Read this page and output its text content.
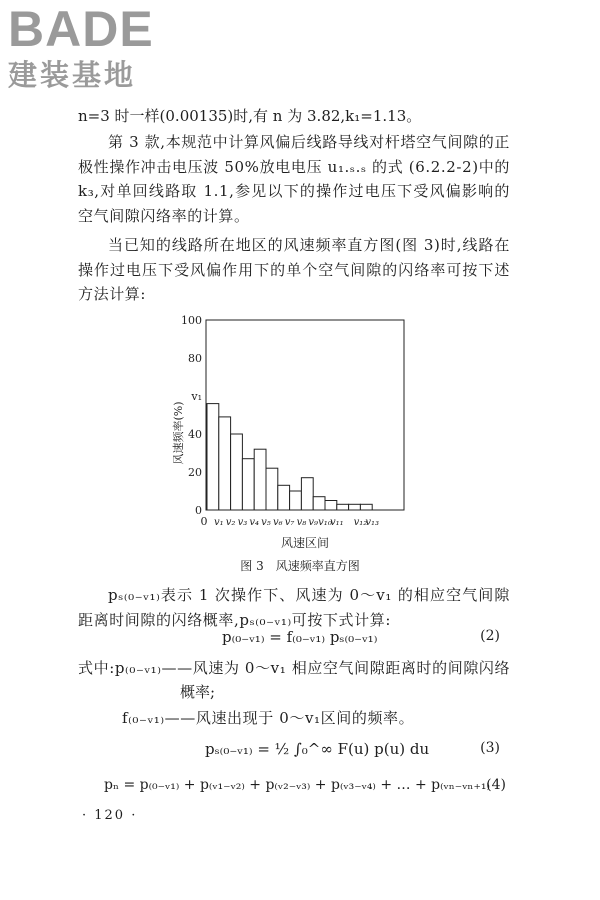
BADE
建装基地
n=3 时一样(0.00135)时,有 n 为 3.82,k₁=1.13。
第 3 款,本规范中计算风偏后线路导线对杆塔空气间隙的正极性操作冲击电压波 50%放电电压 u₁.ₛ.ₛ 的式 (6.2.2-2)中的 k₃,对单回线路取 1.1,参见以下的操作过电压下受风偏影响的空气间隙闪络率的计算。
当已知的线路所在地区的风速频率直方图(图 3)时,线路在操作过电压下受风偏作用下的单个空气间隙的闪络率可按下述方法计算:
0
20
40
v₁
80
100
0 v₁ v₂ v₃ v₄ v₅ v₆ v₇ v₈ v₉ v₁₀
v₁₁ v₁₂
v₁₃
风速区间
风速频率(%)
图 3　风速频率直方图
pₛ₍₀₋ᵥ₁₎表示 1 次操作下、风速为 0～v₁ 的相应空气间隙距离时间隙的闪络概率,pₛ₍₀₋ᵥ₁₎可按下式计算:
p₍₀₋ᵥ₁₎ = f₍₀₋ᵥ₁₎ pₛ₍₀₋ᵥ₁₎	(2)
式中:p₍₀₋ᵥ₁₎——风速为 0～v₁ 相应空气间隙距离时的间隙闪络
概率;
f₍₀₋ᵥ₁₎——风速出现于 0～v₁区间的频率。
pₛ₍₀₋ᵥ₁₎ = ½ ∫₀^∞ F(u) p(u) du	(3)
pₙ = p₍₀₋ᵥ₁₎ + p₍ᵥ₁₋ᵥ₂₎ + p₍ᵥ₂₋ᵥ₃₎ + p₍ᵥ₃₋ᵥ₄₎ + … + p₍ᵥₙ₋ᵥₙ₊₁₎
(4)
· 120 ·
